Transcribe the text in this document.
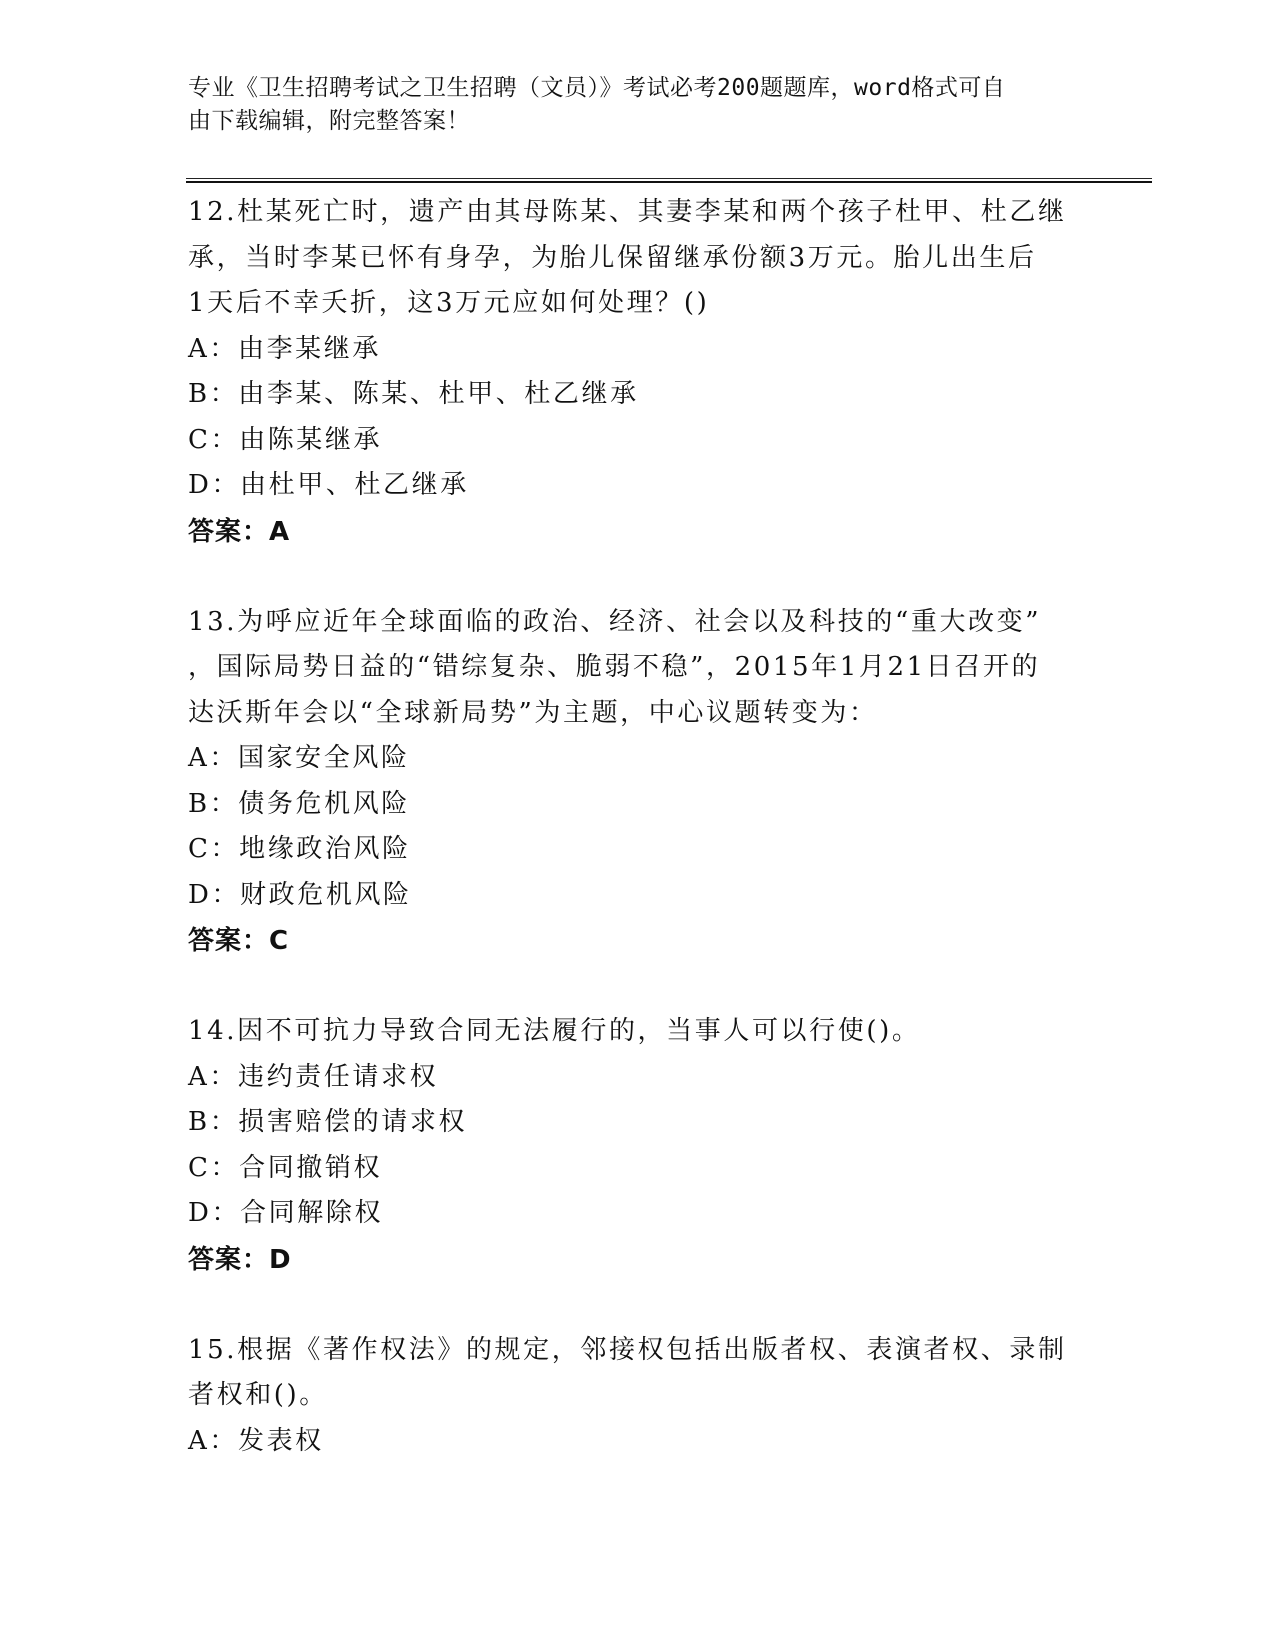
专业《卫生招聘考试之卫生招聘（文员）》考试必考200题题库，word格式可自
由下载编辑，附完整答案！
12.杜某死亡时，遗产由其母陈某、其妻李某和两个孩子杜甲、杜乙继
承，当时李某已怀有身孕，为胎儿保留继承份额3万元。胎儿出生后
1天后不幸夭折，这3万元应如何处理？()
A：由李某继承
B：由李某、陈某、杜甲、杜乙继承
C：由陈某继承
D：由杜甲、杜乙继承
答案：A
13.为呼应近年全球面临的政治、经济、社会以及科技的“重大改变”
，国际局势日益的“错综复杂、脆弱不稳”，2015年1月21日召开的
达沃斯年会以“全球新局势”为主题，中心议题转变为：
A：国家安全风险
B：债务危机风险
C：地缘政治风险
D：财政危机风险
答案：C
14.因不可抗力导致合同无法履行的，当事人可以行使()。
A：违约责任请求权
B：损害赔偿的请求权
C：合同撤销权
D：合同解除权
答案：D
15.根据《著作权法》的规定，邻接权包括出版者权、表演者权、录制
者权和()。
A：发表权
